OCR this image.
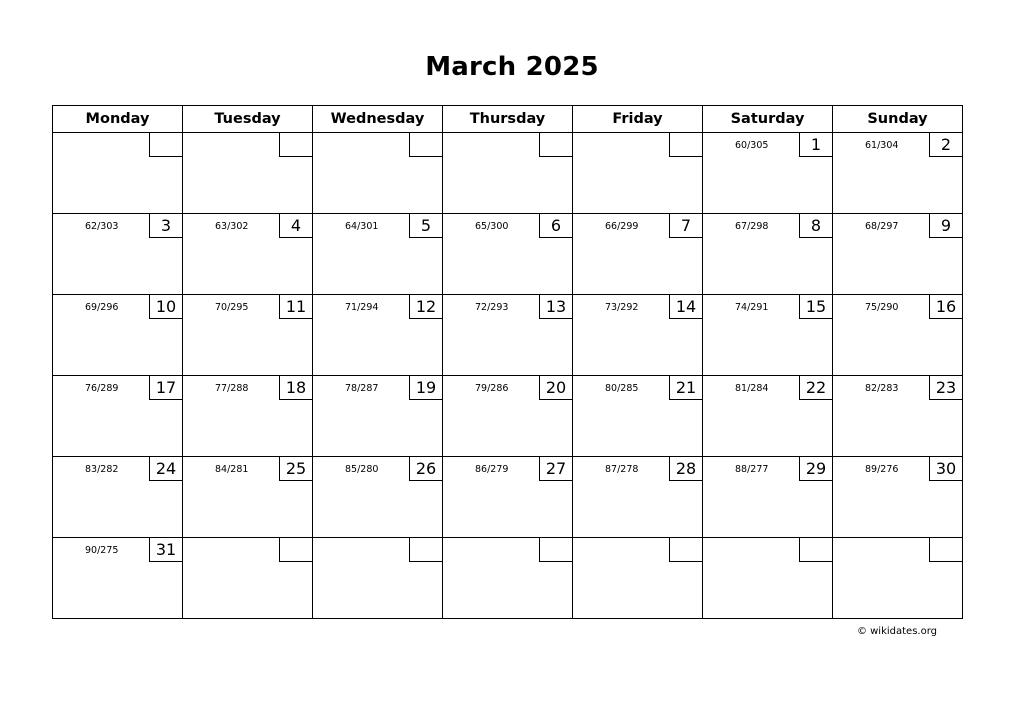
March 2025
Monday	Tuesday	Wednesday	Thursday	Friday	Saturday	Sunday

					60/305 1	61/304 2

62/303 3	63/302 4	64/301 5	65/300 6	66/299 7	67/298 8	68/297 9

69/296 10	70/295 11	71/294 12	72/293 13	73/292 14	74/291 15	75/290 16

76/289 17	77/288 18	78/287 19	79/286 20	80/285 21	81/284 22	82/283 23

83/282 24	84/281 25	85/280 26	86/279 27	87/278 28	88/277 29	89/276 30

90/275 31						

© wikidates.org
